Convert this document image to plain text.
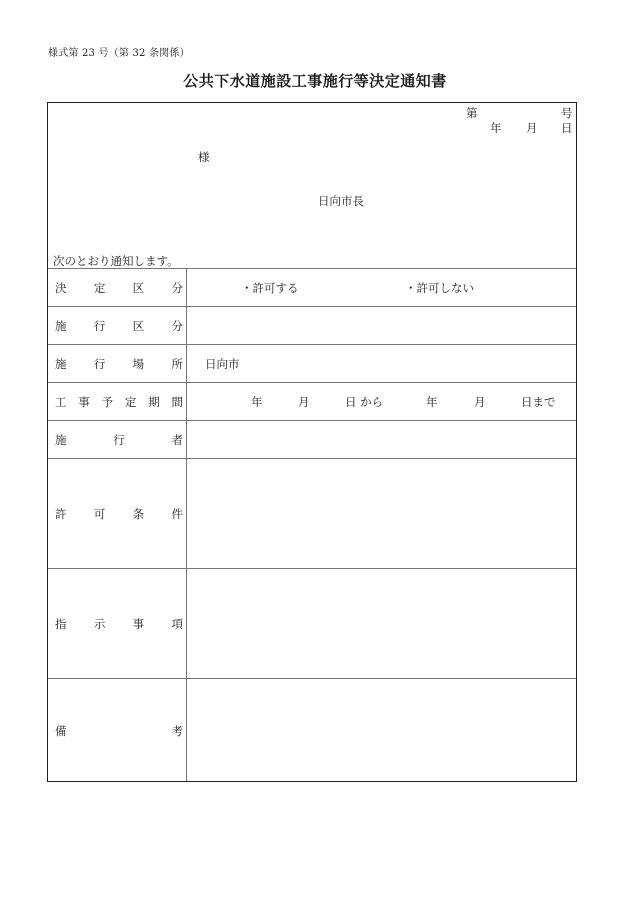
様式第 23 号（第 32 条関係）
公共下水道施設工事施行等決定通知書
第	号
年 月 日
様
日向市長
次のとおり通知します。
決 定 区 分	・許可する	・許可しない
施 行 区 分
施 行 場 所 日向市
工 事 予 定 期 間	年	月	日 から	年	月	日まで
施	行	者
許 可 条 件
指 示 事 項
備	考
